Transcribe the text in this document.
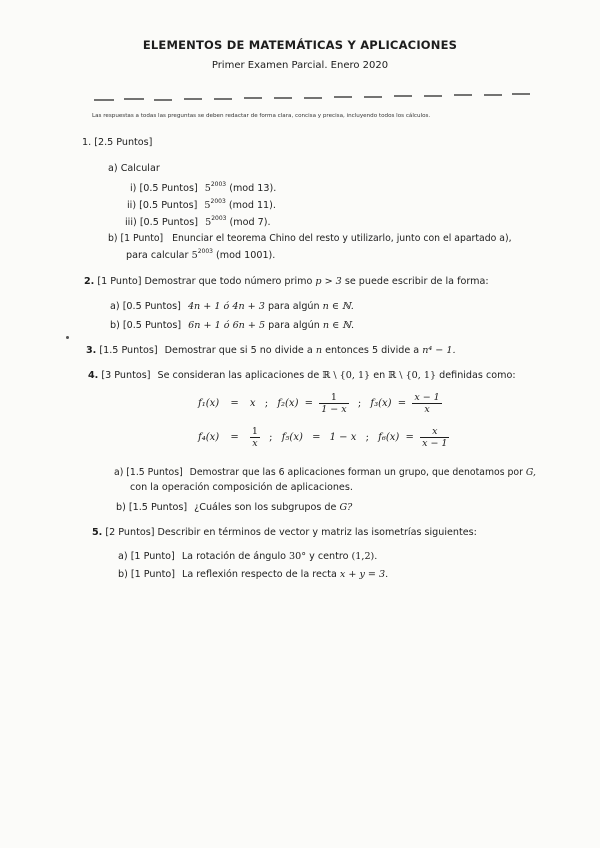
ELEMENTOS DE MATEMÁTICAS Y APLICACIONES
Primer Examen Parcial. Enero 2020
Las respuestas a todas las preguntas se deben redactar de forma clara, concisa y precisa, incluyendo todos los cálculos.
1. [2.5 Puntos]
a) Calcular
i) [0.5 Puntos] $5^{2003}$ (mod 13).
ii) [0.5 Puntos] $5^{2003}$ (mod 11).
iii) [0.5 Puntos] $5^{2003}$ (mod 7).
b) [1 Punto] Enunciar el teorema Chino del resto y utilizarlo, junto con el apartado a),
para calcular $5^{2003}$ (mod 1001).
2. [1 Punto] Demostrar que todo número primo p > 3 se puede escribir de la forma:
a) [0.5 Puntos] 4n + 1 ó 4n + 3 para algún n ∈ ℕ.
b) [0.5 Puntos] 6n + 1 ó 6n + 5 para algún n ∈ ℕ.
3. [1.5 Puntos] Demostrar que si 5 no divide a n entonces 5 divide a n⁴ − 1.
4. [3 Puntos] Se consideran las aplicaciones de ℝ \ {0, 1} en ℝ \ {0, 1} definidas como:
f₁(x) = x ; $f_2(x) = \frac{1}{1 - x}$ ; $f_3(x) = \frac{x - 1}{x}$
$f_4(x) = \frac{1}{x}$ ; f₅(x) = 1 − x ; $f_6(x) = \frac{x}{x - 1}$
a) [1.5 Puntos] Demostrar que las 6 aplicaciones forman un grupo, que denotamos por G,
con la operación composición de aplicaciones.
b) [1.5 Puntos] ¿Cuáles son los subgrupos de G?
5. [2 Puntos] Describir en términos de vector y matriz las isometrías siguientes:
a) [1 Punto] La rotación de ángulo 30° y centro (1,2).
b) [1 Punto] La reflexión respecto de la recta x + y = 3.
